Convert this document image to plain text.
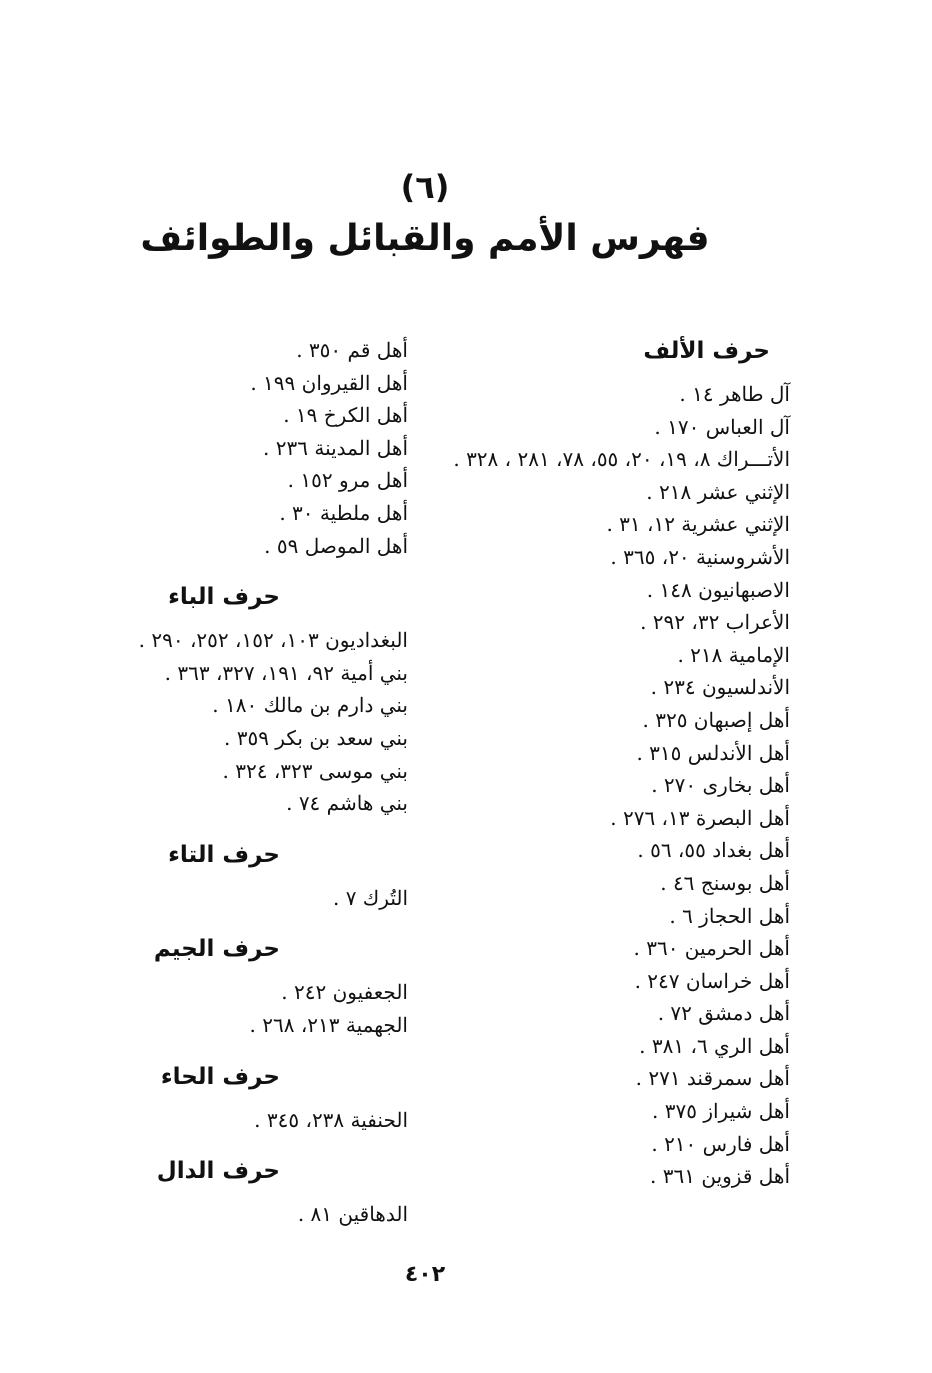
(٦)
فهرس الأمم والقبائل والطوائف
حرف الألف
آل طاهر ١٤ .
آل العباس ١٧٠ .
الأتـــراك ٨، ١٩، ٢٠، ٥٥، ٧٨، ٢٨١ ، ٣٢٨ .
الإثني عشر ٢١٨ .
الإثني عشرية ١٢، ٣١ .
الأشروسنية ٢٠، ٣٦٥ .
الاصبهانيون ١٤٨ .
الأعراب ٣٢، ٢٩٢ .
الإمامية ٢١٨ .
الأندلسيون ٢٣٤ .
أهل إصبهان ٣٢٥ .
أهل الأندلس ٣١٥ .
أهل بخارى ٢٧٠ .
أهل البصرة ١٣، ٢٧٦ .
أهل بغداد ٥٥، ٥٦ .
أهل بوسنج ٤٦ .
أهل الحجاز ٦ .
أهل الحرمين ٣٦٠ .
أهل خراسان ٢٤٧ .
أهل دمشق ٧٢ .
أهل الري ٦، ٣٨١ .
أهل سمرقند ٢٧١ .
أهل شيراز ٣٧٥ .
أهل فارس ٢١٠ .
أهل قزوين ٣٦١ .
أهل قم ٣٥٠ .
أهل القيروان ١٩٩ .
أهل الكرخ ١٩ .
أهل المدينة ٢٣٦ .
أهل مرو ١٥٢ .
أهل ملطية ٣٠ .
أهل الموصل ٥٩ .
حرف الباء
البغداديون ١٠٣، ١٥٢، ٢٥٢، ٢٩٠ .
بني أمية ٩٢، ١٩١، ٣٢٧، ٣٦٣ .
بني دارم بن مالك ١٨٠ .
بني سعد بن بكر ٣٥٩ .
بني موسى ٣٢٣، ٣٢٤ .
بني هاشم ٧٤ .
حرف التاء
التُرك ٧ .
حرف الجيم
الجعفيون ٢٤٢ .
الجهمية ٢١٣، ٢٦٨ .
حرف الحاء
الحنفية ٢٣٨، ٣٤٥ .
حرف الدال
الدهاقين ٨١ .
٤٠٢
